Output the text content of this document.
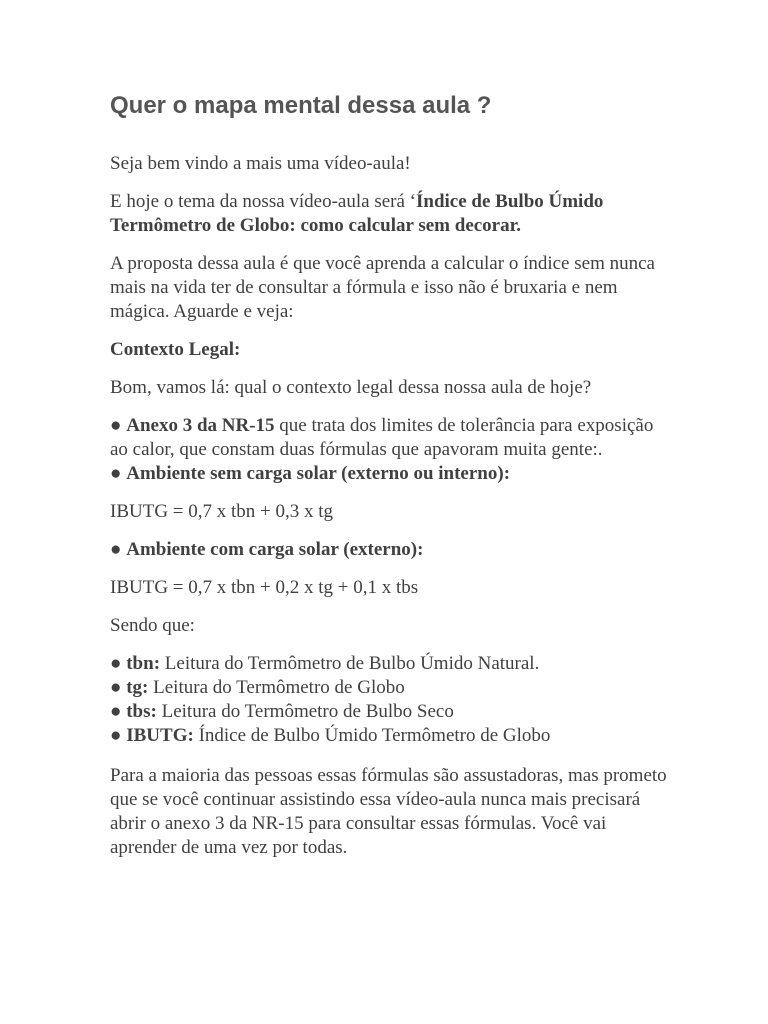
Quer o mapa mental dessa aula ?

Seja bem vindo a mais uma vídeo-aula!

E hoje o tema da nossa vídeo-aula será ‘Índice de Bulbo Úmido Termômetro de Globo: como calcular sem decorar.

A proposta dessa aula é que você aprenda a calcular o índice sem nunca mais na vida ter de consultar a fórmula e isso não é bruxaria e nem mágica. Aguarde e veja:

Contexto Legal:

Bom, vamos lá: qual o contexto legal dessa nossa aula de hoje?

● Anexo 3 da NR-15 que trata dos limites de tolerância para exposição ao calor, que constam duas fórmulas que apavoram muita gente:.

● Ambiente sem carga solar (externo ou interno):

IBUTG = 0,7 x tbn + 0,3 x tg

● Ambiente com carga solar (externo):

IBUTG = 0,7 x tbn + 0,2 x tg + 0,1 x tbs

Sendo que:

● tbn: Leitura do Termômetro de Bulbo Úmido Natural.

● tg: Leitura do Termômetro de Globo

● tbs: Leitura do Termômetro de Bulbo Seco

● IBUTG: Índice de Bulbo Úmido Termômetro de Globo

Para a maioria das pessoas essas fórmulas são assustadoras, mas prometo que se você continuar assistindo essa vídeo-aula nunca mais precisará abrir o anexo 3 da NR-15 para consultar essas fórmulas. Você vai aprender de uma vez por todas.
